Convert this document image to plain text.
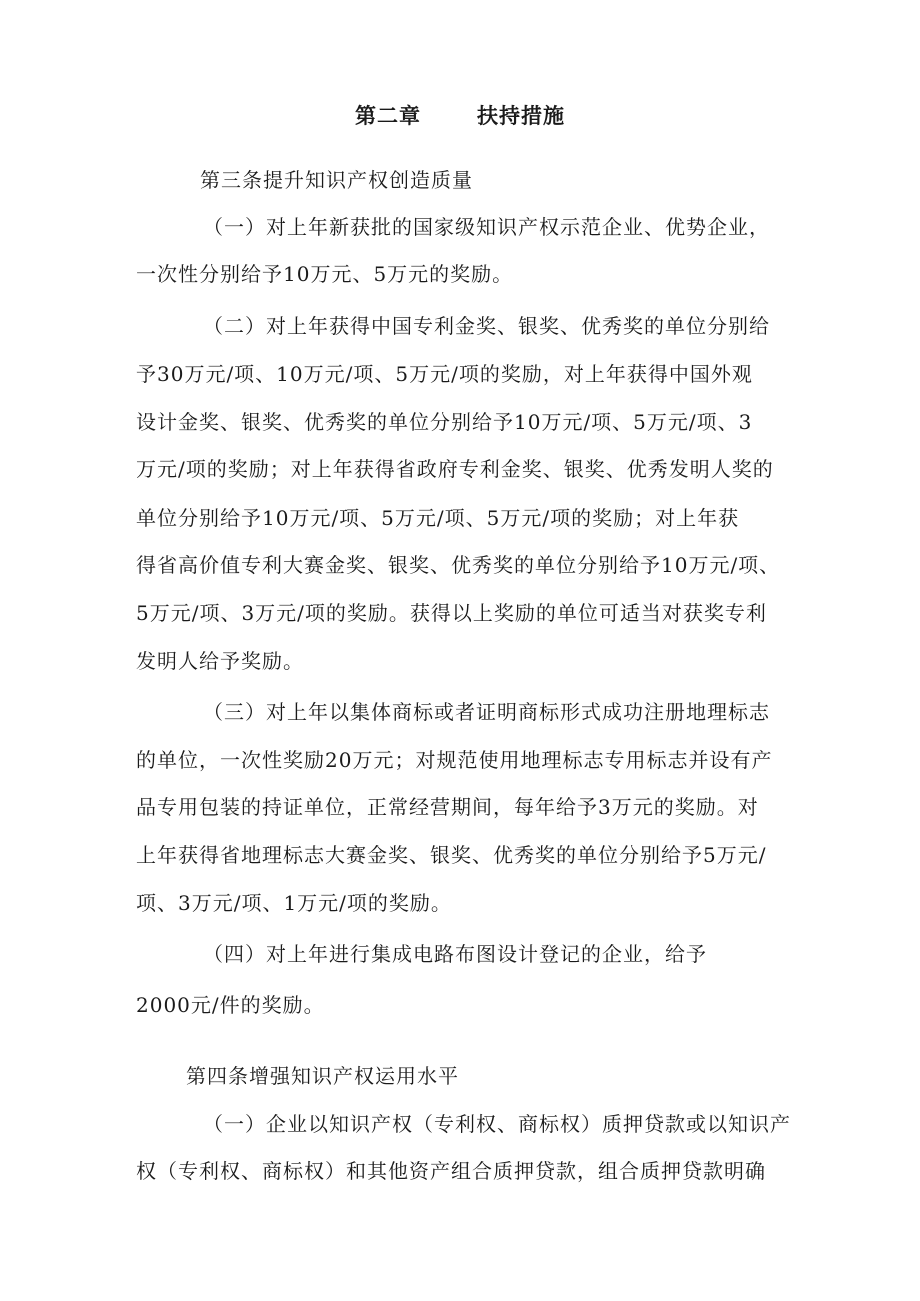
第二章	扶持措施
第三条提升知识产权创造质量
（一）对上年新获批的国家级知识产权示范企业、优势企业，
一次性分别给予10万元、5万元的奖励。
（二）对上年获得中国专利金奖、银奖、优秀奖的单位分别给
予30万元/项、10万元/项、5万元/项的奖励，对上年获得中国外观
设计金奖、银奖、优秀奖的单位分别给予10万元/项、5万元/项、3
万元/项的奖励；对上年获得省政府专利金奖、银奖、优秀发明人奖的
单位分别给予10万元/项、5万元/项、5万元/项的奖励；对上年获
得省高价值专利大赛金奖、银奖、优秀奖的单位分别给予10万元/项、
5万元/项、3万元/项的奖励。获得以上奖励的单位可适当对获奖专利
发明人给予奖励。
（三）对上年以集体商标或者证明商标形式成功注册地理标志
的单位，一次性奖励20万元；对规范使用地理标志专用标志并设有产
品专用包装的持证单位，正常经营期间，每年给予3万元的奖励。对
上年获得省地理标志大赛金奖、银奖、优秀奖的单位分别给予5万元/
项、3万元/项、1万元/项的奖励。
（四）对上年进行集成电路布图设计登记的企业，给予
2000元/件的奖励。
第四条增强知识产权运用水平
（一）企业以知识产权（专利权、商标权）质押贷款或以知识产
权（专利权、商标权）和其他资产组合质押贷款，组合质押贷款明确
